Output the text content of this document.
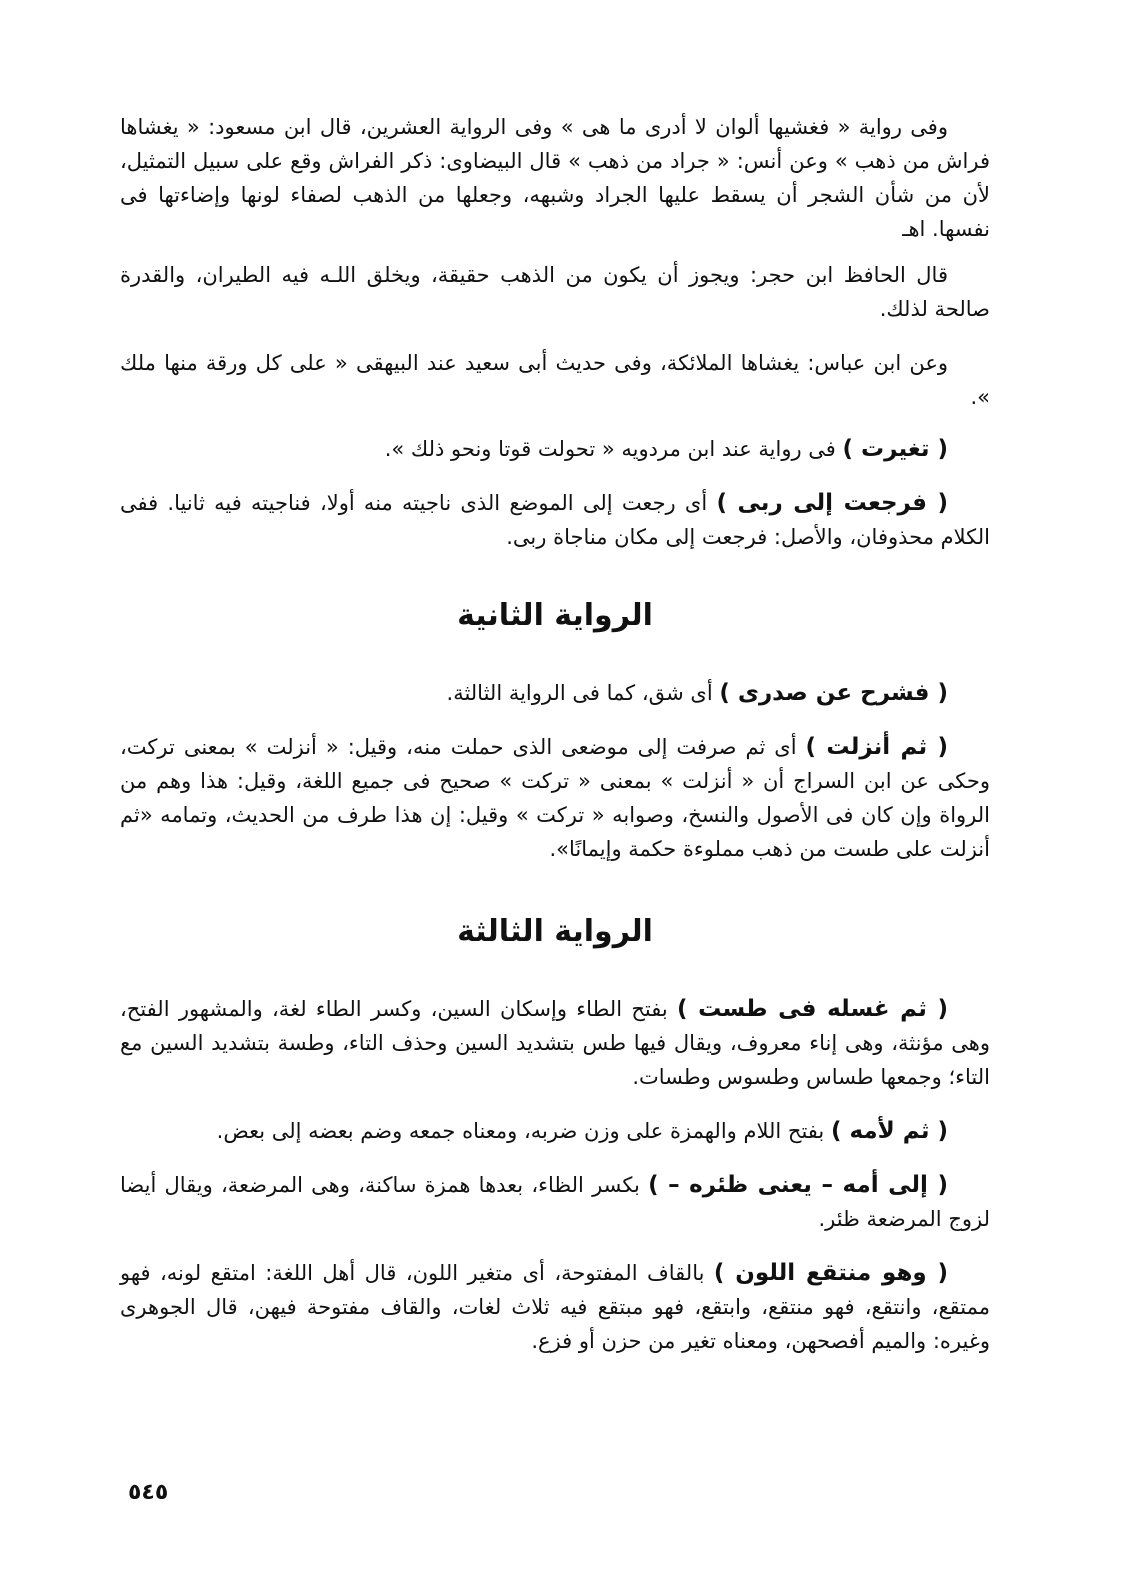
وفى رواية « فغشيها ألوان لا أدرى ما هى » وفى الرواية العشرين، قال ابن مسعود: « يغشاها فراش من ذهب » وعن أنس: « جراد من ذهب » قال البيضاوى: ذكر الفراش وقع على سبيل التمثيل، لأن من شأن الشجر أن يسقط عليها الجراد وشبهه، وجعلها من الذهب لصفاء لونها وإضاءتها فى نفسها. اهـ

قال الحافظ ابن حجر: ويجوز أن يكون من الذهب حقيقة، ويخلق اللـه فيه الطيران، والقدرة صالحة لذلك.

وعن ابن عباس: يغشاها الملائكة، وفى حديث أبى سعيد عند البيهقى « على كل ورقة منها ملك ».

( تغيرت ) فى رواية عند ابن مردويه « تحولت قوتا ونحو ذلك ».

( فرجعت إلى ربى ) أى رجعت إلى الموضع الذى ناجيته منه أولا، فناجيته فيه ثانيا. ففى الكلام محذوفان، والأصل: فرجعت إلى مكان مناجاة ربى.

الرواية الثانية

( فشرح عن صدرى ) أى شق، كما فى الرواية الثالثة.

( ثم أنزلت ) أى ثم صرفت إلى موضعى الذى حملت منه، وقيل: « أنزلت » بمعنى تركت، وحكى عن ابن السراج أن « أنزلت » بمعنى « تركت » صحيح فى جميع اللغة، وقيل: هذا وهم من الرواة وإن كان فى الأصول والنسخ، وصوابه « تركت » وقيل: إن هذا طرف من الحديث، وتمامه «ثم أنزلت على طست من ذهب مملوءة حكمة وإيمانًا».

الرواية الثالثة

( ثم غسله فى طست ) بفتح الطاء وإسكان السين، وكسر الطاء لغة، والمشهور الفتح، وهى مؤنثة، وهى إناء معروف، ويقال فيها طس بتشديد السين وحذف التاء، وطسة بتشديد السين مع التاء؛ وجمعها طساس وطسوس وطسات.

( ثم لأمه ) بفتح اللام والهمزة على وزن ضربه، ومعناه جمعه وضم بعضه إلى بعض.

( إلى أمه – يعنى ظئره – ) بكسر الظاء، بعدها همزة ساكنة، وهى المرضعة، ويقال أيضا لزوج المرضعة ظئر.

( وهو منتقع اللون ) بالقاف المفتوحة، أى متغير اللون، قال أهل اللغة: امتقع لونه، فهو ممتقع، وانتقع، فهو منتقع، وابتقع، فهو مبتقع فيه ثلاث لغات، والقاف مفتوحة فيهن، قال الجوهرى وغيره: والميم أفصحهن، ومعناه تغير من حزن أو فزع.

٥٤٥
